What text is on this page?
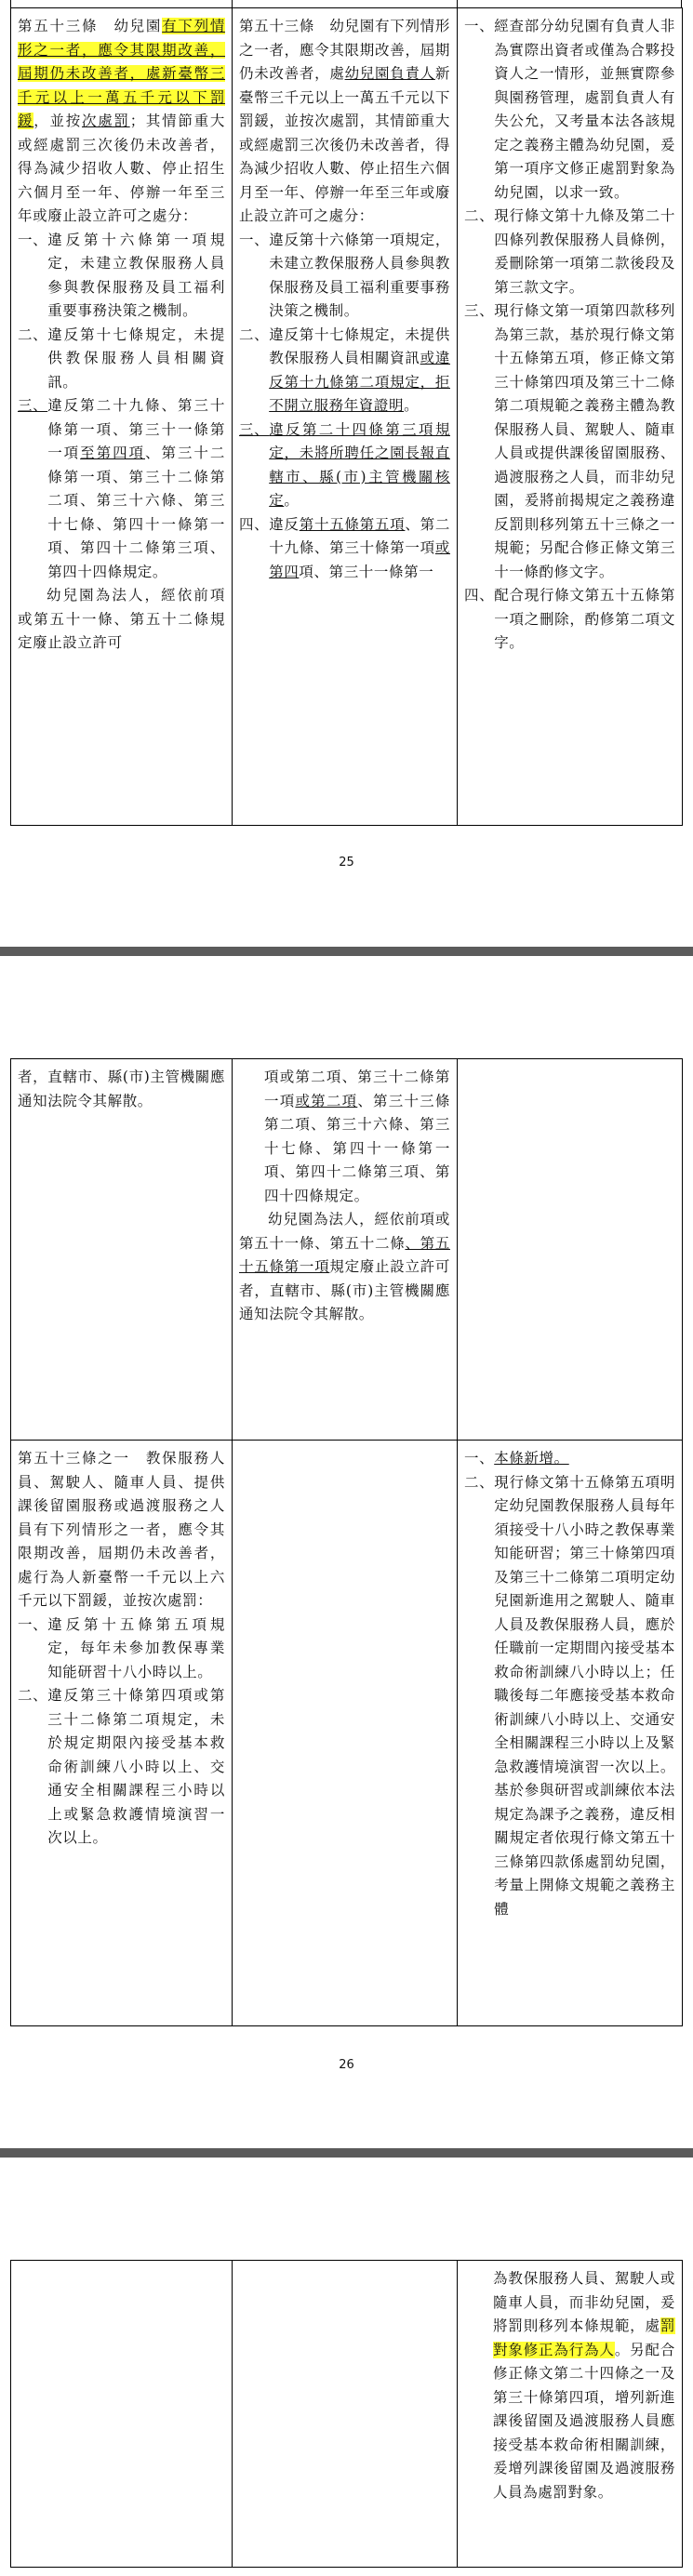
第五十三條　幼兒園有下列情形之一者，應令其限期改善，屆期仍未改善者，處新臺幣三千元以上一萬五千元以下罰鍰，並按次處罰；其情節重大或經處罰三次後仍未改善者，得為減少招收人數、停止招生六個月至一年、停辦一年至三年或廢止設立許可之處分：

一、 違反第十六條第一項規定，未建立教保服務人員參與教保服務及員工福利重要事務決策之機制。
二、 違反第十七條規定，未提供教保服務人員相關資訊。
三、 違反第二十九條、第三十條第一項、第三十一條第一項至第四項、第三十二條第一項、第三十二條第二項、第三十六條、第三十七條、第四十一條第一項、第四十二條第三項、第四十四條規定。

幼兒園為法人，經依前項或第五十一條、第五十二條規定廢止設立許可

第五十三條　幼兒園有下列情形之一者，應令其限期改善，屆期仍未改善者，處幼兒園負責人新臺幣三千元以上一萬五千元以下罰鍰，並按次處罰，其情節重大或經處罰三次後仍未改善者，得為減少招收人數、停止招生六個月至一年、停辦一年至三年或廢止設立許可之處分：

一、 違反第十六條第一項規定，未建立教保服務人員參與教保服務及員工福利重要事務決策之機制。
二、 違反第十七條規定，未提供教保服務人員相關資訊或違反第十九條第二項規定，拒不開立服務年資證明。
三、 違反第二十四條第三項規定，未將所聘任之園長報直轄市、縣(市)主管機關核定。
四、 違反第十五條第五項、第二十九條、第三十條第一項或第四項、第三十一條第一
一、 經查部分幼兒園有負責人非為實際出資者或僅為合夥投資人之一情形，並無實際參與園務管理，處罰負責人有失公允，又考量本法各該規定之義務主體為幼兒園，爰第一項序文修正處罰對象為幼兒園，以求一致。
二、 現行條文第十九條及第二十四條列教保服務人員條例，爰刪除第一項第二款後段及第三款文字。
三、 現行條文第一項第四款移列為第三款，基於現行條文第十五條第五項，修正條文第三十條第四項及第三十二條第二項規範之義務主體為教保服務人員、駕駛人、隨車人員或提供課後留園服務、過渡服務之人員，而非幼兒園，爰將前揭規定之義務違反罰則移列第五十三條之一規範；另配合修正條文第三十一條酌修文字。
四、 配合現行條文第五十五條第一項之刪除，酌修第二項文字。
25

者，直轄市、縣(市)主管機關應通知法院令其解散。

項或第二項、第三十二條第一項或第二項、第三十三條第二項、第三十六條、第三十七條、第四十一條第一項、第四十二條第三項、第四十四條規定。

幼兒園為法人，經依前項或第五十一條、第五十二條、第五十五條第一項規定廢止設立許可者，直轄市、縣(市)主管機關應通知法院令其解散。

第五十三條之一　教保服務人員、駕駛人、隨車人員、提供課後留園服務或過渡服務之人員有下列情形之一者，應令其限期改善，屆期仍未改善者，處行為人新臺幣一千元以上六千元以下罰鍰，並按次處罰：

一、 違反第十五條第五項規定，每年未參加教保專業知能研習十八小時以上。
二、 違反第三十條第四項或第三十二條第二項規定，未於規定期限內接受基本救命術訓練八小時以上、交通安全相關課程三小時以上或緊急救護情境演習一次以上。
一、 本條新增。
二、 現行條文第十五條第五項明定幼兒園教保服務人員每年須接受十八小時之教保專業知能研習；第三十條第四項及第三十二條第二項明定幼兒園新進用之駕駛人、隨車人員及教保服務人員，應於任職前一定期間內接受基本救命術訓練八小時以上；任職後每二年應接受基本救命術訓練八小時以上、交通安全相關課程三小時以上及緊急救護情境演習一次以上。基於參與研習或訓練依本法規定為課予之義務，違反相關規定者依現行條文第五十三條第四款係處罰幼兒園，考量上開條文規範之義務主體
26

為教保服務人員、駕駛人或隨車人員，而非幼兒園，爰將罰則移列本條規範，處罰對象修正為行為人。另配合修正條文第二十四條之一及第三十條第四項，增列新進課後留園及過渡服務人員應接受基本救命術相關訓練，爰增列課後留園及過渡服務人員為處罰對象。
